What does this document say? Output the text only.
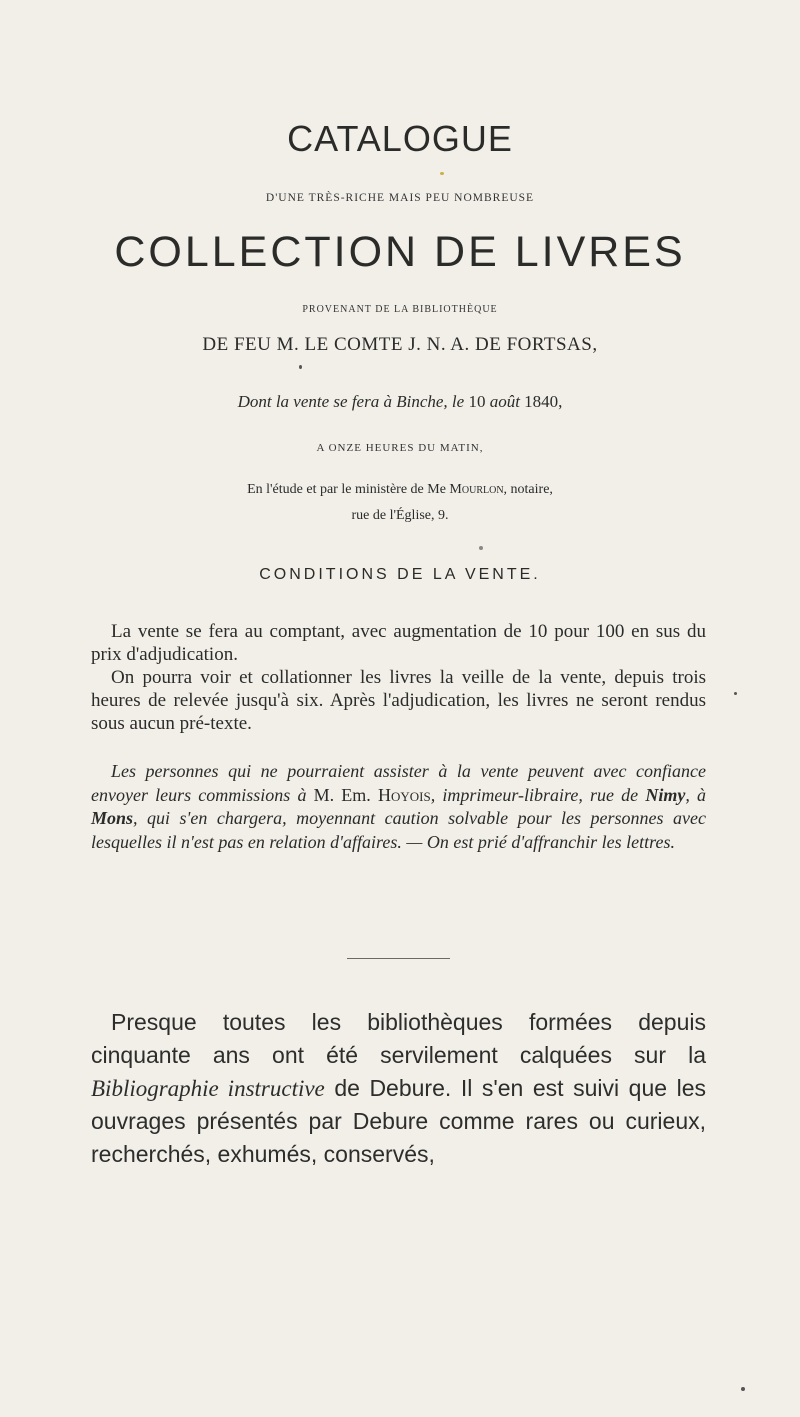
CATALOGUE
D'UNE TRÈS-RICHE MAIS PEU NOMBREUSE
COLLECTION DE LIVRES
PROVENANT DE LA BIBLIOTHÈQUE
DE FEU M. LE COMTE J. N. A. DE FORTSAS,
Dont la vente se fera à Binche, le 10 août 1840,
A ONZE HEURES DU MATIN,
En l'étude et par le ministère de Me Mourlon, notaire,
rue de l'Église, 9.
CONDITIONS DE LA VENTE.

La vente se fera au comptant, avec augmentation de 10 pour 100 en sus du prix d'adjudication.

On pourra voir et collationner les livres la veille de la vente, depuis trois heures de relevée jusqu'à six. Après l'adjudication, les livres ne seront rendus sous aucun pré-texte.

Les personnes qui ne pourraient assister à la vente peuvent avec confiance envoyer leurs commissions à M. Em. Hoyois, imprimeur-libraire, rue de Nimy, à Mons, qui s'en chargera, moyennant caution solvable pour les personnes avec lesquelles il n'est pas en relation d'affaires. — On est prié d'affranchir les lettres.
Presque toutes les bibliothèques formées depuis cinquante ans ont été servilement calquées sur la Bibliographie instructive de Debure. Il s'en est suivi que les ouvrages présentés par Debure comme rares ou curieux, recherchés, exhumés, conservés,
